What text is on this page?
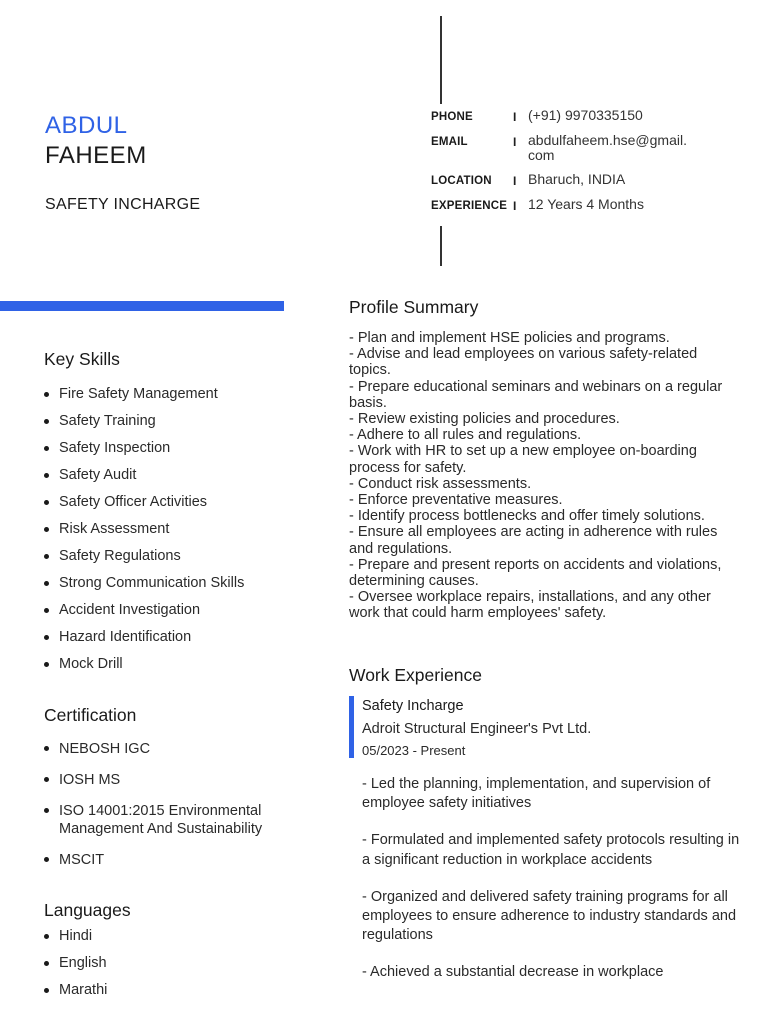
ABDUL
FAHEEM
SAFETY INCHARGE
PHONE	I (+91) 9970335150
EMAIL	I abdulfaheem.hse@gmail.
com
LOCATION	I Bharuch, INDIA
EXPERIENCE I 12 Years 4 Months
Key Skills
Fire Safety Management
Safety Training
Safety Inspection
Safety Audit
Safety Officer Activities
Risk Assessment
Safety Regulations
Strong Communication Skills
Accident Investigation
Hazard Identification
Mock Drill
Certification
NEBOSH IGC
IOSH MS
ISO 14001:2015 Environmental Management And Sustainability
MSCIT
Languages
Hindi
English
Marathi
Profile Summary
- Plan and implement HSE policies and programs.
- Advise and lead employees on various safety-related topics.
- Prepare educational seminars and webinars on a regular basis.
- Review existing policies and procedures.
- Adhere to all rules and regulations.
- Work with HR to set up a new employee on-boarding process for safety.
- Conduct risk assessments.
- Enforce preventative measures.
- Identify process bottlenecks and offer timely solutions.
- Ensure all employees are acting in adherence with rules and regulations.
- Prepare and present reports on accidents and violations, determining causes.
- Oversee workplace repairs, installations, and any other work that could harm employees' safety.
Work Experience
Safety Incharge
Adroit Structural Engineer's Pvt Ltd.
05/2023 - Present
- Led the planning, implementation, and supervision of employee safety initiatives
- Formulated and implemented safety protocols resulting in a significant reduction in workplace accidents
- Organized and delivered safety training programs for all employees to ensure adherence to industry standards and regulations
- Achieved a substantial decrease in workplace
